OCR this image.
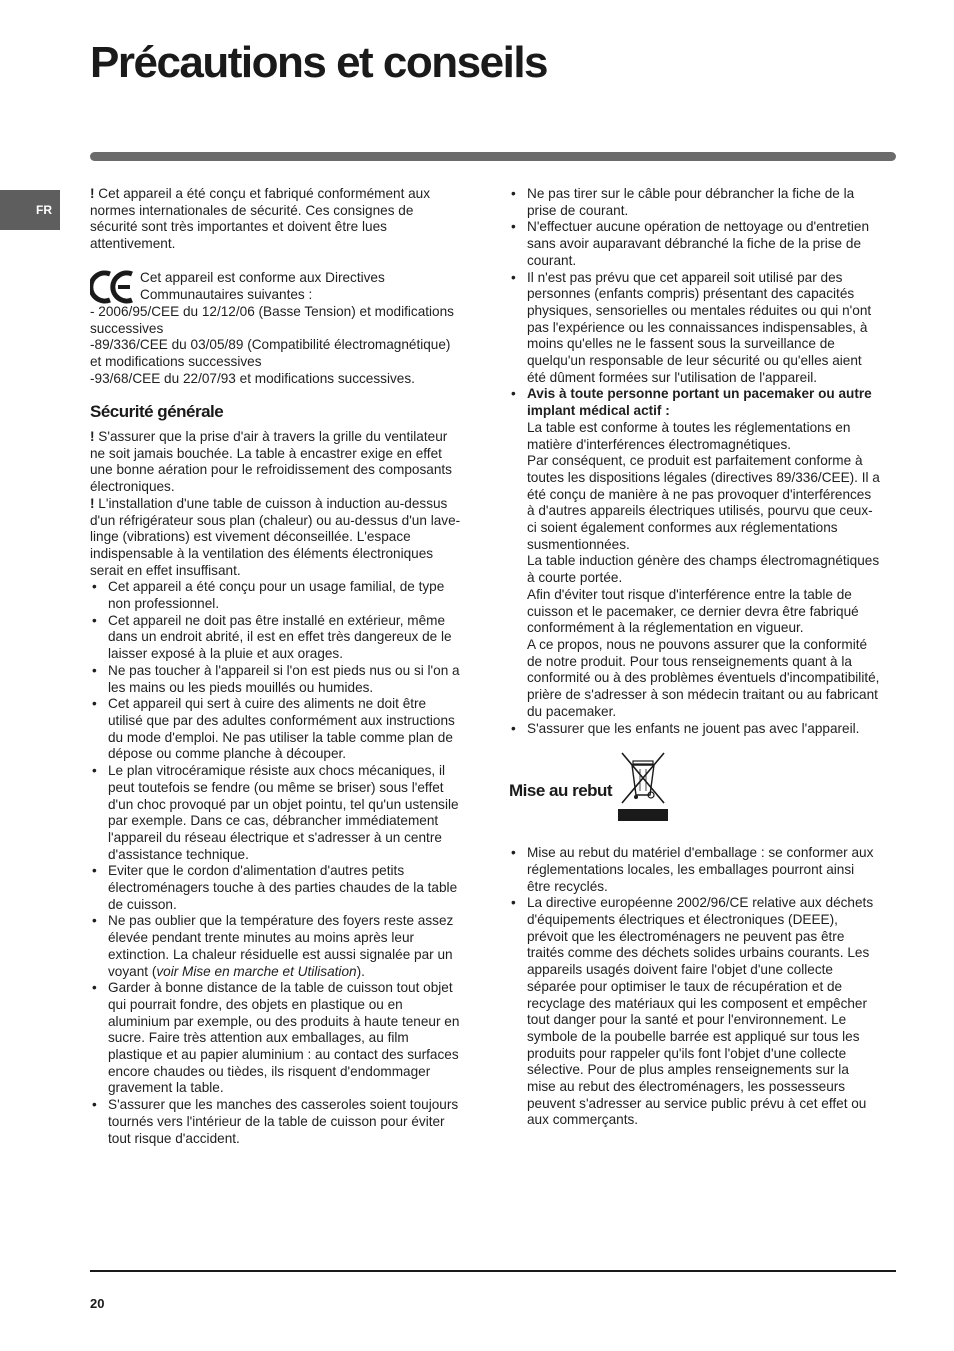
Précautions et conseils
FR

! Cet appareil a été conçu et fabriqué conformément aux normes internationales de sécurité. Ces consignes de sécurité sont très importantes et doivent être lues attentivement.

Cet appareil est conforme aux Directives Communautaires suivantes :

- 2006/95/CEE du 12/12/06 (Basse Tension) et modifications successives

-89/336/CEE du 03/05/89 (Compatibilité électromagnétique) et modifications successives

-93/68/CEE du 22/07/93 et modifications successives.

Sécurité générale

! S'assurer que la prise d'air à travers la grille du ventilateur ne soit jamais bouchée. La table à encastrer exige en effet une bonne aération pour le refroidissement des composants électroniques.

! L'installation d'une table de cuisson à induction au-dessus d'un réfrigérateur sous plan (chaleur) ou au-dessus d'un lave-linge (vibrations) est vivement déconseillée. L'espace indispensable à la ventilation des éléments électroniques serait en effet insuffisant.

• Cet appareil a été conçu pour un usage familial, de type non professionnel.
• Cet appareil ne doit pas être installé en extérieur, même dans un endroit abrité, il est en effet très dangereux de le laisser exposé à la pluie et aux orages.
• Ne pas toucher à l'appareil si l'on est pieds nus ou si l'on a les mains ou les pieds mouillés ou humides.
• Cet appareil qui sert à cuire des aliments ne doit être utilisé que par des adultes conformément aux instructions du mode d'emploi. Ne pas utiliser la table comme plan de dépose ou comme planche à découper.
• Le plan vitrocéramique résiste aux chocs mécaniques, il peut toutefois se fendre (ou même se briser) sous l'effet d'un choc provoqué par un objet pointu, tel qu'un ustensile par exemple. Dans ce cas, débrancher immédiatement l'appareil du réseau électrique et s'adresser à un centre d'assistance technique.
• Eviter que le cordon d'alimentation d'autres petits électroménagers touche à des parties chaudes de la table de cuisson.
• Ne pas oublier que la température des foyers reste assez élevée pendant trente minutes au moins après leur extinction. La chaleur résiduelle est aussi signalée par un voyant (voir Mise en marche et Utilisation).
• Garder à bonne distance de la table de cuisson tout objet qui pourrait fondre, des objets en plastique ou en aluminium par exemple, ou des produits à haute teneur en sucre. Faire très attention aux emballages, au film plastique et au papier aluminium : au contact des surfaces encore chaudes ou tièdes, ils risquent d'endommager gravement la table.
• S'assurer que les manches des casseroles soient toujours tournés vers l'intérieur de la table de cuisson pour éviter tout risque d'accident.
• Ne pas tirer sur le câble pour débrancher la fiche de la prise de courant.
• N'effectuer aucune opération de nettoyage ou d'entretien sans avoir auparavant débranché la fiche de la prise de courant.
• Il n'est pas prévu que cet appareil soit utilisé par des personnes (enfants compris) présentant des capacités physiques, sensorielles ou mentales réduites ou qui n'ont pas l'expérience ou les connaissances indispensables, à moins qu'elles ne le fassent sous la surveillance de quelqu'un responsable de leur sécurité ou qu'elles aient été dûment formées sur l'utilisation de l'appareil.
• Avis à toute personne portant un pacemaker ou autre implant médical actif :
La table est conforme à toutes les réglementations en matière d'interférences électromagnétiques.
Par conséquent, ce produit est parfaitement conforme à toutes les dispositions légales (directives 89/336/CEE). Il a été conçu de manière à ne pas provoquer d'interférences à d'autres appareils électriques utilisés, pourvu que ceux-ci soient également conformes aux réglementations susmentionnées.
La table induction génère des champs électromagnétiques à courte portée.
Afin d'éviter tout risque d'interférence entre la table de cuisson et le pacemaker, ce dernier devra être fabriqué conformément à la réglementation en vigueur.
A ce propos, nous ne pouvons assurer que la conformité de notre produit. Pour tous renseignements quant à la conformité ou à des problèmes éventuels d'incompatibilité, prière de s'adresser à son médecin traitant ou au fabricant du pacemaker.
• S'assurer que les enfants ne jouent pas avec l'appareil.
Mise au rebut
• Mise au rebut du matériel d'emballage : se conformer aux réglementations locales, les emballages pourront ainsi être recyclés.
• La directive européenne 2002/96/CE relative aux déchets d'équipements électriques et électroniques (DEEE), prévoit que les électroménagers ne peuvent pas être traités comme des déchets solides urbains courants. Les appareils usagés doivent faire l'objet d'une collecte séparée pour optimiser le taux de récupération et de recyclage des matériaux qui les composent et empêcher tout danger pour la santé et pour l'environnement. Le symbole de la poubelle barrée est appliqué sur tous les produits pour rappeler qu'ils font l'objet d'une collecte sélective. Pour de plus amples renseignements sur la mise au rebut des électroménagers, les possesseurs peuvent s'adresser au service public prévu à cet effet ou aux commerçants.
20
